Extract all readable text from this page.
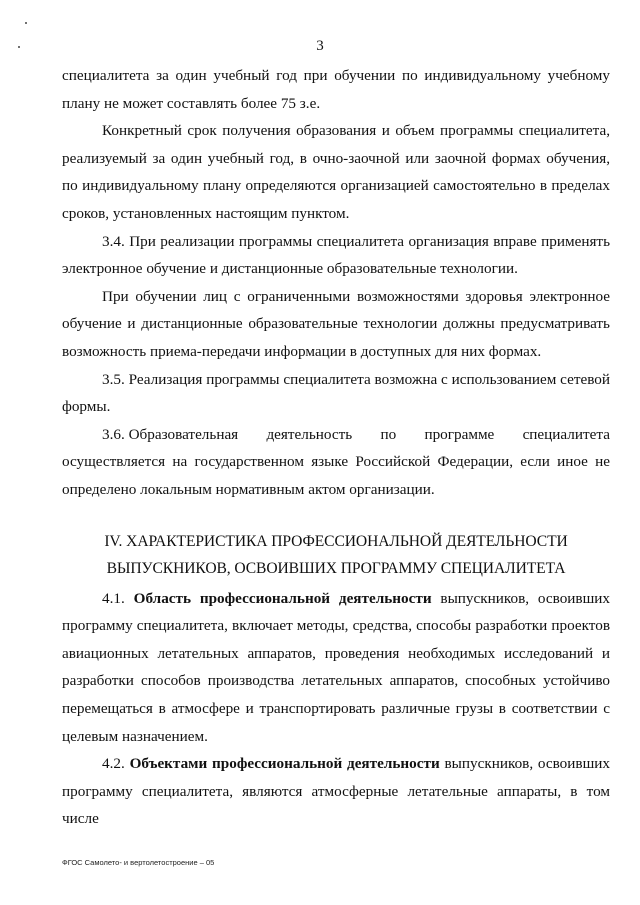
3

специалитета за один учебный год при обучении по индивидуальному учебному плану не может составлять более 75 з.е.

Конкретный срок получения образования и объем программы специалитета, реализуемый за один учебный год, в очно-заочной или заочной формах обучения, по индивидуальному плану определяются организацией самостоятельно в пределах сроков, установленных настоящим пунктом.

3.4. При реализации программы специалитета организация вправе применять электронное обучение и дистанционные образовательные технологии.

При обучении лиц с ограниченными возможностями здоровья электронное обучение и дистанционные образовательные технологии должны предусматривать возможность приема-передачи информации в доступных для них формах.

3.5. Реализация программы специалитета возможна с использованием сетевой формы.

3.6. Образовательная деятельность по программе специалитета
осуществляется на государственном языке Российской Федерации, если иное не определено локальным нормативным актом организации.

IV. ХАРАКТЕРИСТИКА ПРОФЕССИОНАЛЬНОЙ ДЕЯТЕЛЬНОСТИ
ВЫПУСКНИКОВ, ОСВОИВШИХ ПРОГРАММУ СПЕЦИАЛИТЕТА

4.1. Область профессиональной деятельности выпускников, освоивших программу специалитета, включает методы, средства, способы разработки проектов авиационных летательных аппаратов, проведения необходимых исследований и разработки способов производства летательных аппаратов, способных устойчиво перемещаться в атмосфере и транспортировать различные грузы в соответствии с целевым назначением.

4.2. Объектами профессиональной деятельности выпускников, освоивших программу специалитета, являются атмосферные летательные аппараты, в том числе

ФГОС Самолето- и вертолетостроение – 05
